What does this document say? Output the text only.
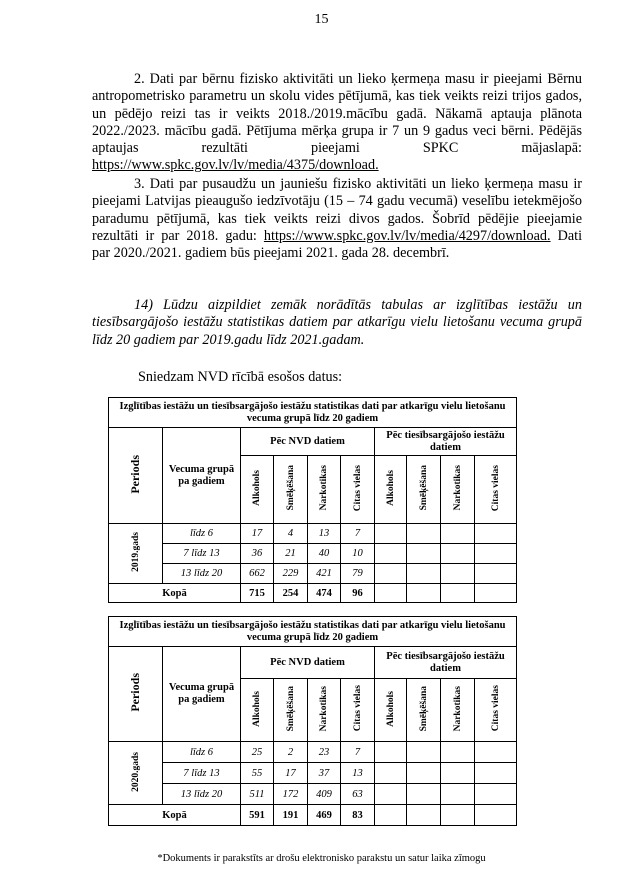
15

2. Dati par bērnu fizisko aktivitāti un lieko ķermeņa masu ir pieejami Bērnu antropometrisko parametru un skolu vides pētījumā, kas tiek veikts reizi trijos gados, un pēdējo reizi tas ir veikts 2018./2019.mācību gadā. Nākamā aptauja plānota 2022./2023. mācību gadā. Pētījuma mērķa grupa ir 7 un 9 gadus veci bērni. Pēdējās aptaujas rezultāti pieejami SPKC mājaslapā: https://www.spkc.gov.lv/lv/media/4375/download.

3. Dati par pusaudžu un jauniešu fizisko aktivitāti un lieko ķermeņa masu ir pieejami Latvijas pieaugušo iedzīvotāju (15 – 74 gadu vecumā) veselību ietekmējošo paradumu pētījumā, kas tiek veikts reizi divos gados. Šobrīd pēdējie pieejamie rezultāti ir par 2018. gadu: https://www.spkc.gov.lv/lv/media/4297/download. Dati par 2020./2021. gadiem būs pieejami 2021. gada 28. decembrī.

14) Lūdzu aizpildiet zemāk norādītās tabulas ar izglītības iestāžu un tiesībsargājošo iestāžu statistikas datiem par atkarīgu vielu lietošanu vecuma grupā līdz 20 gadiem par 2019.gadu līdz 2021.gadam.

Sniedzam NVD rīcībā esošos datus:
Izglītības iestāžu un tiesībsargājošo iestāžu statistikas dati par atkarīgu vielu lietošanu vecuma grupā līdz 20 gadiem									
Periods	Vecuma grupā pa gadiem	Pēc NVD datiem				Pēc tiesībsargājošo iestāžu datiem			
		Alkohols	Smēķēšana	Narkotikas	Citas vielas	Alkohols	Smēķēšana	Narkotikas	Citas vielas
2019.gads	līdz 6	17	4	13	7				
	7 līdz 13	36	21	40	10				
	13 līdz 20	662	229	421	79				
Kopā		715	254	474	96				
Izglītības iestāžu un tiesībsargājošo iestāžu statistikas dati par atkarīgu vielu lietošanu vecuma grupā līdz 20 gadiem									
Periods	Vecuma grupā pa gadiem	Pēc NVD datiem				Pēc tiesībsargājošo iestāžu datiem			
		Alkohols	Smēķēšana	Narkotikas	Citas vielas	Alkohols	Smēķēšana	Narkotikas	Citas vielas
2020.gads	līdz 6	25	2	23	7				
	7 līdz 13	55	17	37	13				
	13 līdz 20	511	172	409	63				
Kopā		591	191	469	83				
*Dokuments ir parakstīts ar drošu elektronisko parakstu un satur laika zīmogu
